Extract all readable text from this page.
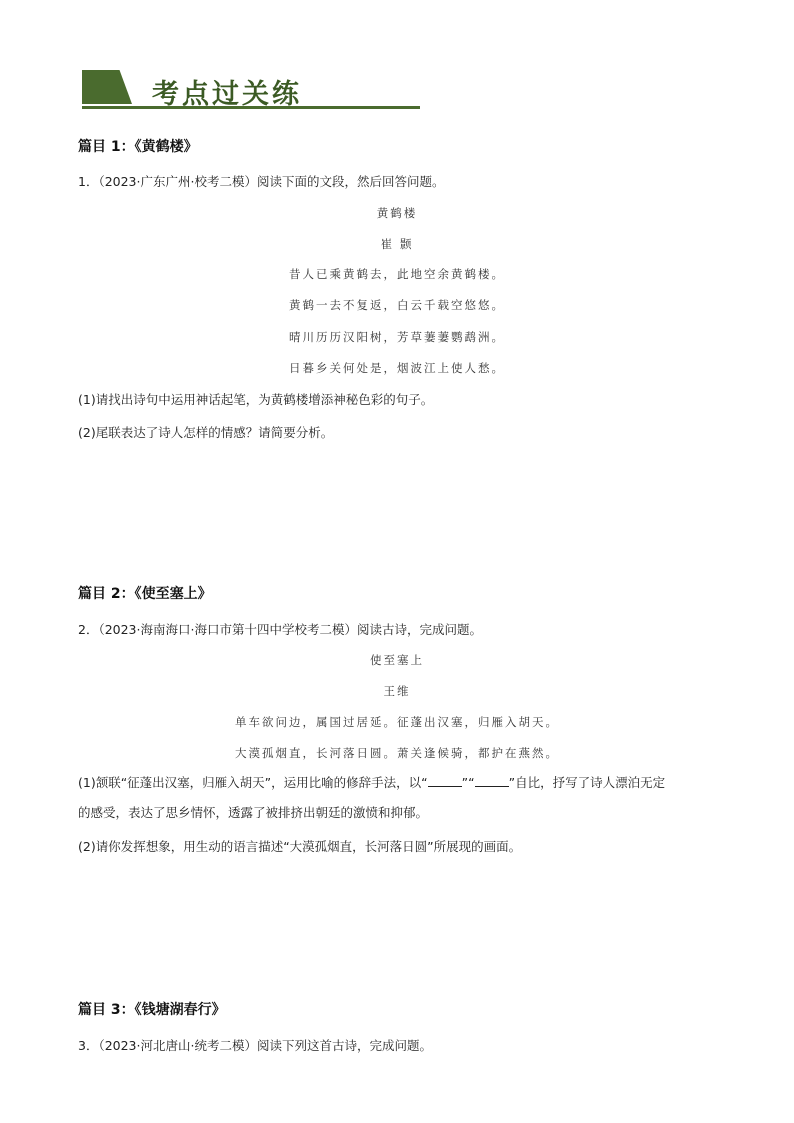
考点过关练
篇目 1：《黄鹤楼》
1．（2023·广东广州·校考二模）阅读下面的文段，然后回答问题。
黄鹤楼
崔 颢
昔人已乘黄鹤去，此地空余黄鹤楼。
黄鹤一去不复返，白云千载空悠悠。
晴川历历汉阳树，芳草萋萋鹦鹉洲。
日暮乡关何处是，烟波江上使人愁。
(1)请找出诗句中运用神话起笔，为黄鹤楼增添神秘色彩的句子。
(2)尾联表达了诗人怎样的情感？请简要分析。
篇目 2：《使至塞上》
2．（2023·海南海口·海口市第十四中学校考二模）阅读古诗，完成问题。
使至塞上
王维
单车欲问边，属国过居延。征蓬出汉塞，归雁入胡天。
大漠孤烟直，长河落日圆。萧关逢候骑，都护在燕然。
(1)颔联“征蓬出汉塞，归雁入胡天”，运用比喻的修辞手法，以“	”“	”自比，抒写了诗人漂泊无定
的感受，表达了思乡情怀，透露了被排挤出朝廷的激愤和抑郁。
(2)请你发挥想象，用生动的语言描述“大漠孤烟直，长河落日圆”所展现的画面。
篇目 3：《钱塘湖春行》
3．（2023·河北唐山·统考二模）阅读下列这首古诗，完成问题。
